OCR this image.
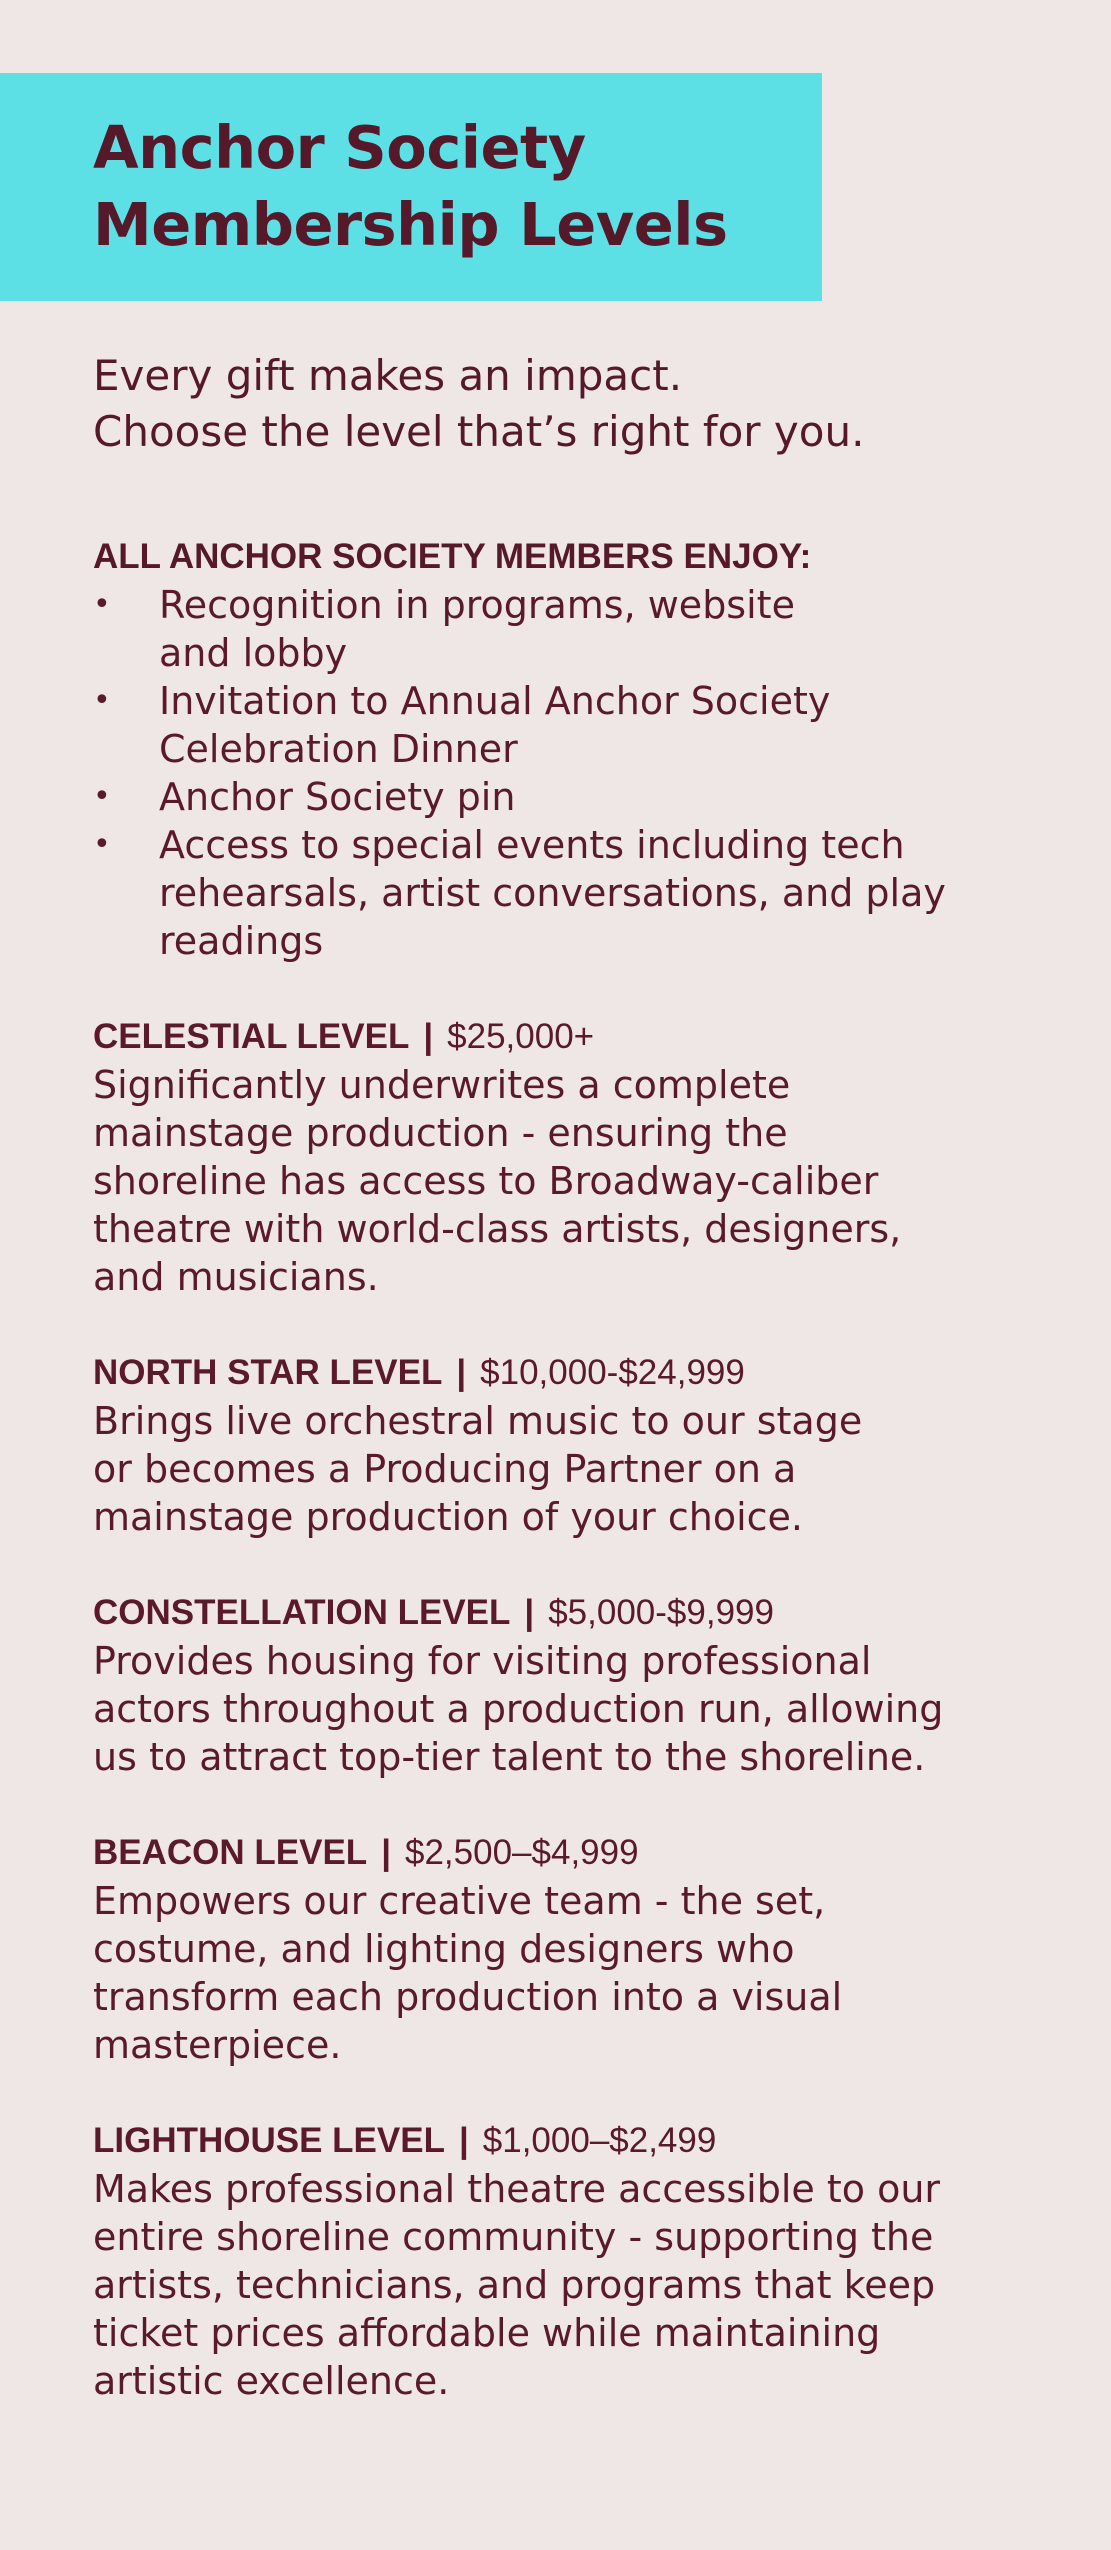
Anchor Society
Membership Levels
Every gift makes an impact.
Choose the level that’s right for you.
ALL ANCHOR SOCIETY MEMBERS ENJOY:
• Recognition in programs, website
and lobby
• Invitation to Annual Anchor Society
Celebration Dinner
• Anchor Society pin
• Access to special events including tech
rehearsals, artist conversations, and play
readings
CELESTIAL LEVEL | $25,000+
Significantly underwrites a complete
mainstage production - ensuring the
shoreline has access to Broadway-caliber
theatre with world-class artists, designers,
and musicians.
NORTH STAR LEVEL | $10,000-$24,999
Brings live orchestral music to our stage
or becomes a Producing Partner on a
mainstage production of your choice.
CONSTELLATION LEVEL | $5,000-$9,999
Provides housing for visiting professional
actors throughout a production run, allowing
us to attract top-tier talent to the shoreline.
BEACON LEVEL | $2,500–$4,999
Empowers our creative team - the set,
costume, and lighting designers who
transform each production into a visual
masterpiece.
LIGHTHOUSE LEVEL | $1,000–$2,499
Makes professional theatre accessible to our
entire shoreline community - supporting the
artists, technicians, and programs that keep
ticket prices affordable while maintaining
artistic excellence.
